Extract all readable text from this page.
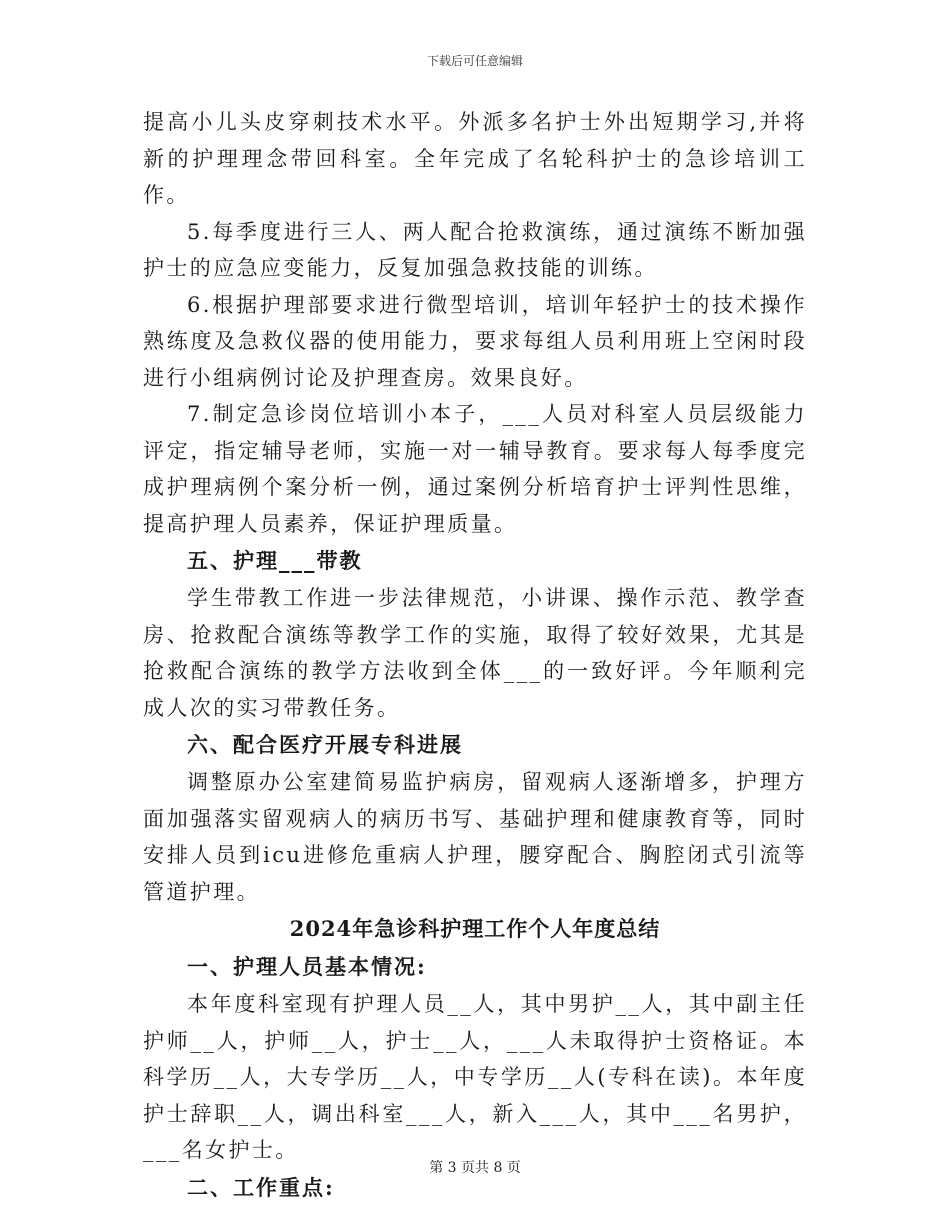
下载后可任意编辑

提高小儿头皮穿刺技术水平。外派多名护士外出短期学习,并将新的护理理念带回科室。全年完成了名轮科护士的急诊培训工作。

5.每季度进行三人、两人配合抢救演练，通过演练不断加强护士的应急应变能力，反复加强急救技能的训练。

6.根据护理部要求进行微型培训，培训年轻护士的技术操作熟练度及急救仪器的使用能力，要求每组人员利用班上空闲时段进行小组病例讨论及护理查房。效果良好。

7.制定急诊岗位培训小本子，___人员对科室人员层级能力评定，指定辅导老师，实施一对一辅导教育。要求每人每季度完成护理病例个案分析一例，通过案例分析培育护士评判性思维，提高护理人员素养，保证护理质量。

五、护理___带教

学生带教工作进一步法律规范，小讲课、操作示范、教学查房、抢救配合演练等教学工作的实施，取得了较好效果，尤其是抢救配合演练的教学方法收到全体___的一致好评。今年顺利完成人次的实习带教任务。

六、配合医疗开展专科进展

调整原办公室建简易监护病房，留观病人逐渐增多，护理方面加强落实留观病人的病历书写、基础护理和健康教育等，同时安排人员到icu进修危重病人护理，腰穿配合、胸腔闭式引流等管道护理。

2024年急诊科护理工作个人年度总结

一、护理人员基本情况:

本年度科室现有护理人员__人，其中男护__人，其中副主任护师__人，护师__人，护士__人，___人未取得护士资格证。本科学历__人，大专学历__人，中专学历__人(专科在读)。本年度护士辞职__人，调出科室___人，新入___人，其中___名男护，___名女护士。

二、工作重点:

第 3 页共 8 页
